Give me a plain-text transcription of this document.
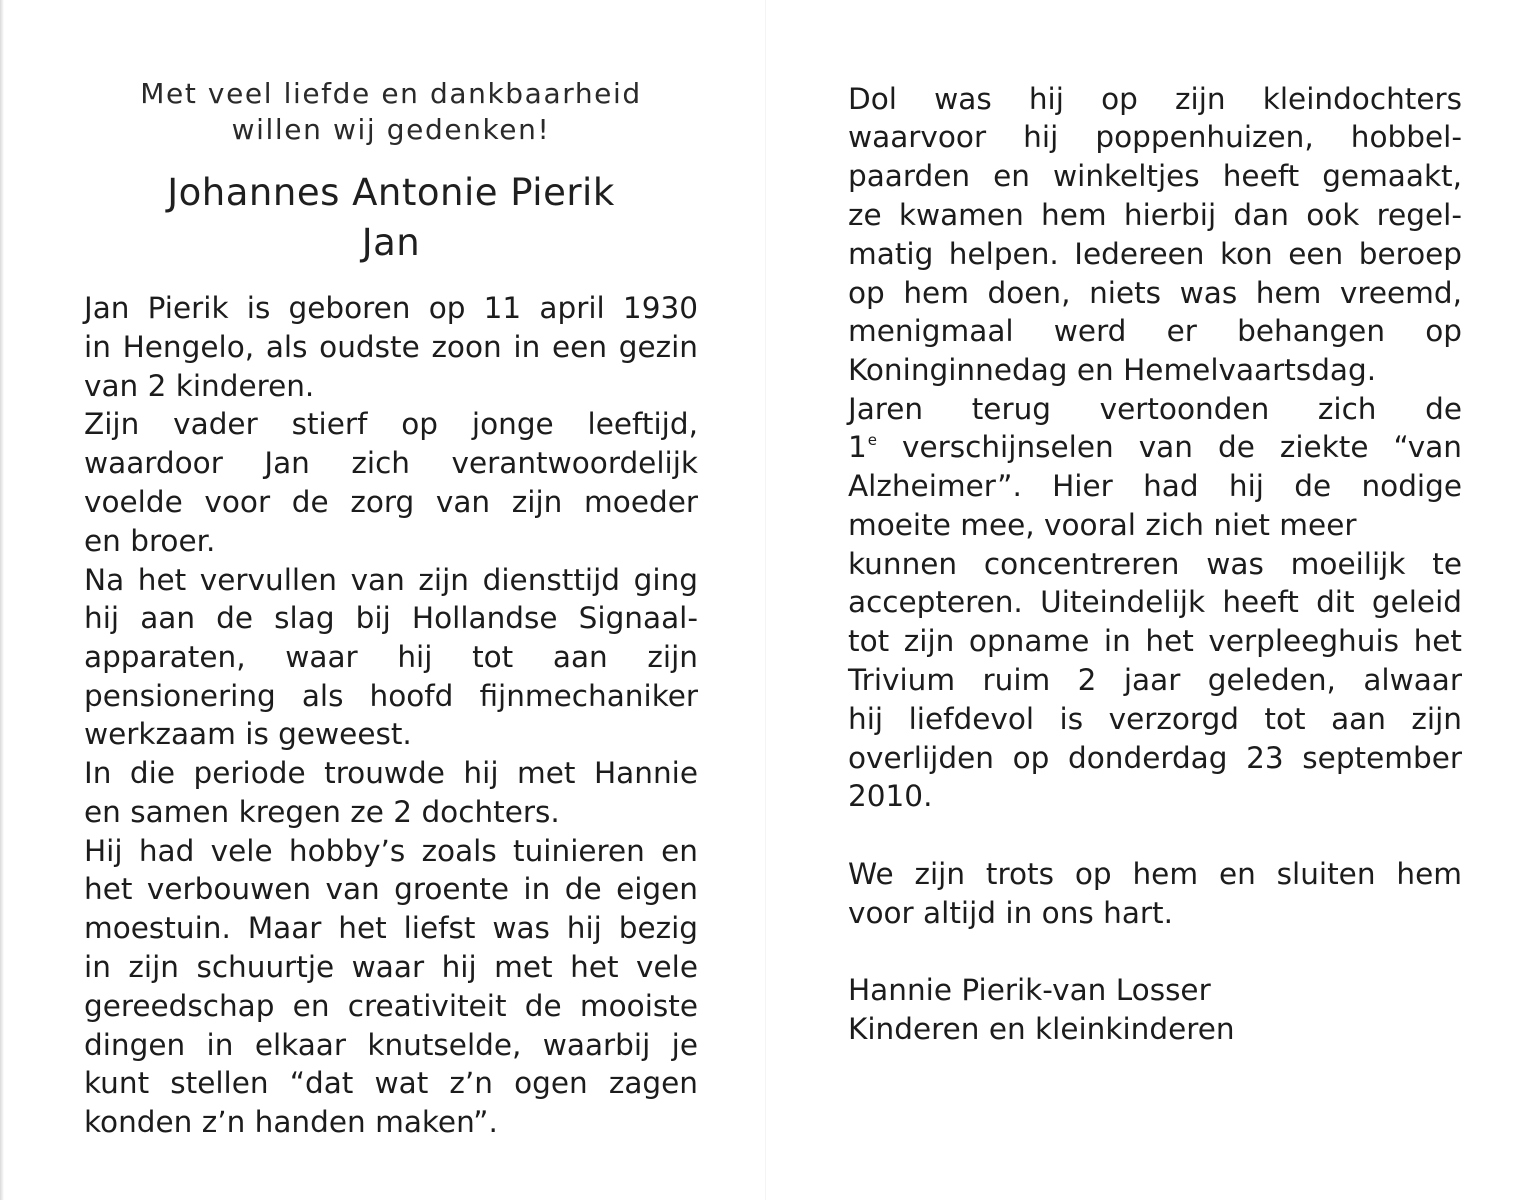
Met veel liefde en dankbaarheid
willen wij gedenken!
Johannes Antonie Pierik
Jan
Jan Pierik is geboren op 11 april 1930
in Hengelo, als oudste zoon in een gezin
van 2 kinderen.
Zijn vader stierf op jonge leeftijd,
waardoor Jan zich verantwoordelijk
voelde voor de zorg van zijn moeder
en broer.
Na het vervullen van zijn diensttijd ging
hij aan de slag bij Hollandse Signaal-
apparaten, waar hij tot aan zijn
pensionering als hoofd fijnmechaniker
werkzaam is geweest.
In die periode trouwde hij met Hannie
en samen kregen ze 2 dochters.
Hij had vele hobby’s zoals tuinieren en
het verbouwen van groente in de eigen
moestuin. Maar het liefst was hij bezig
in zijn schuurtje waar hij met het vele
gereedschap en creativiteit de mooiste
dingen in elkaar knutselde, waarbij je
kunt stellen “dat wat z’n ogen zagen
konden z’n handen maken”.
Dol was hij op zijn kleindochters
waarvoor hij poppenhuizen, hobbel-
paarden en winkeltjes heeft gemaakt,
ze kwamen hem hierbij dan ook regel-
matig helpen. Iedereen kon een beroep
op hem doen, niets was hem vreemd,
menigmaal werd er behangen op
Koninginnedag en Hemelvaartsdag.
Jaren terug vertoonden zich de
1e verschijnselen van de ziekte “van
Alzheimer”. Hier had hij de nodige
moeite mee, vooral zich niet meer
kunnen concentreren was moeilijk te
accepteren. Uiteindelijk heeft dit geleid
tot zijn opname in het verpleeghuis het
Trivium ruim 2 jaar geleden, alwaar
hij liefdevol is verzorgd tot aan zijn
overlijden op donderdag 23 september
2010.
We zijn trots op hem en sluiten hem
voor altijd in ons hart.
Hannie Pierik-van Losser
Kinderen en kleinkinderen
